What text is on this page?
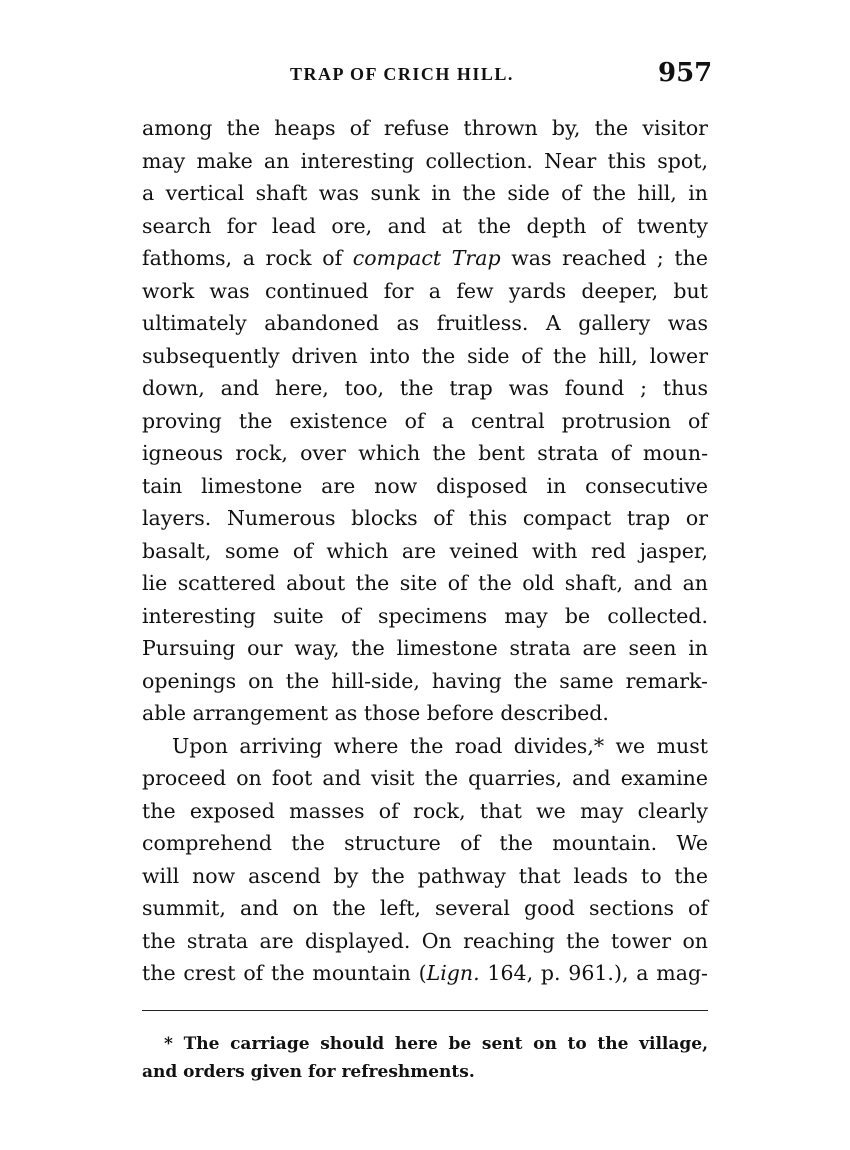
TRAP OF CRICH HILL.	957
among the heaps of refuse thrown by, the visitor
may make an interesting collection. Near this spot,
a vertical shaft was sunk in the side of the hill, in
search for lead ore, and at the depth of twenty
fathoms, a rock of compact Trap was reached ; the
work was continued for a few yards deeper, but
ultimately abandoned as fruitless. A gallery was
subsequently driven into the side of the hill, lower
down, and here, too, the trap was found ; thus
proving the existence of a central protrusion of
igneous rock, over which the bent strata of moun-
tain limestone are now disposed in consecutive
layers. Numerous blocks of this compact trap or
basalt, some of which are veined with red jasper,
lie scattered about the site of the old shaft, and an
interesting suite of specimens may be collected.
Pursuing our way, the limestone strata are seen in
openings on the hill-side, having the same remark-
able arrangement as those before described.
Upon arriving where the road divides,* we must
proceed on foot and visit the quarries, and examine
the exposed masses of rock, that we may clearly
comprehend the structure of the mountain. We
will now ascend by the pathway that leads to the
summit, and on the left, several good sections of
the strata are displayed. On reaching the tower on
the crest of the mountain (Lign. 164, p. 961.), a mag-
* The carriage should here be sent on to the village,
and orders given for refreshments.
